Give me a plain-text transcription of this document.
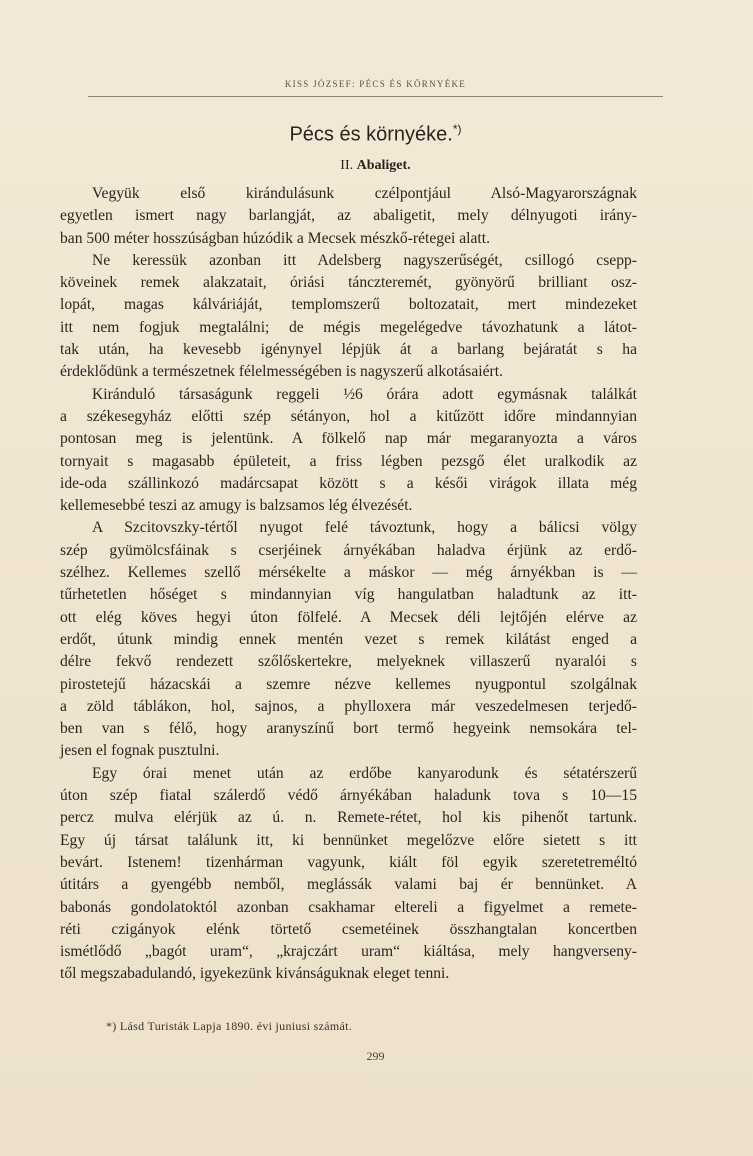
KISS JÓZSEF: PÉCS ÉS KÖRNYÉKE
Pécs és környéke.*)
II. Abaliget.
Vegyük első kirándulásunk czélpontjául Alsó-Magyarországnak
egyetlen ismert nagy barlangját, az abaligetit, mely délnyugoti irány-
ban 500 méter hosszúságban húzódik a Mecsek mészkő-rétegei alatt.
Ne keressük azonban itt Adelsberg nagyszerűségét, csillogó csepp-
köveinek remek alakzatait, óriási tánczteremét, gyönyörű brilliant osz-
lopát, magas kálváriáját, templomszerű boltozatait, mert mindezeket
itt nem fogjuk megtalálni; de mégis megelégedve távozhatunk a látot-
tak után, ha kevesebb igénynyel lépjük át a barlang bejáratát s ha
érdeklődünk a természetnek félelmességében is nagyszerű alkotásaiért.
Kiránduló társaságunk reggeli ½6 órára adott egymásnak találkát
a székesegyház előtti szép sétányon, hol a kitűzött időre mindannyian
pontosan meg is jelentünk. A fölkelő nap már megaranyozta a város
tornyait s magasabb épületeit, a friss légben pezsgő élet uralkodik az
ide-oda szállinkozó madárcsapat között s a késői virágok illata még
kellemesebbé teszi az amugy is balzsamos lég élvezését.
A Szcitovszky-tértől nyugot felé távoztunk, hogy a bálicsi völgy
szép gyümölcsfáinak s cserjéinek árnyékában haladva érjünk az erdő-
szélhez. Kellemes szellő mérsékelte a máskor — még árnyékban is —
tűrhetetlen hőséget s mindannyian víg hangulatban haladtunk az itt-
ott elég köves hegyi úton fölfelé. A Mecsek déli lejtőjén elérve az
erdőt, útunk mindig ennek mentén vezet s remek kilátást enged a
délre fekvő rendezett szőlőskertekre, melyeknek villaszerű nyaralói s
pirostetejű házacskái a szemre nézve kellemes nyugpontul szolgálnak
a zöld táblákon, hol, sajnos, a phylloxera már veszedelmesen terjedő-
ben van s félő, hogy aranyszínű bort termő hegyeink nemsokára tel-
jesen el fognak pusztulni.
Egy órai menet után az erdőbe kanyarodunk és sétatérszerű
úton szép fiatal szálerdő védő árnyékában haladunk tova s 10—15
percz mulva elérjük az ú. n. Remete-rétet, hol kis pihenőt tartunk.
Egy új társat találunk itt, ki bennünket megelőzve előre sietett s itt
bevárt. Istenem! tizenhárman vagyunk, kiált föl egyik szeretetreméltó
útitárs a gyengébb nemből, meglássák valami baj ér bennünket. A
babonás gondolatoktól azonban csakhamar eltereli a figyelmet a remete-
réti czigányok elénk törtető csemetéinek összhangtalan koncertben
ismétlődő „bagót uram“, „krajczárt uram“ kiáltása, mely hangverseny-
től megszabadulandó, igyekezünk kivánságuknak eleget tenni.
*) Lásd Turisták Lapja 1890. évi juniusi számát.
299
